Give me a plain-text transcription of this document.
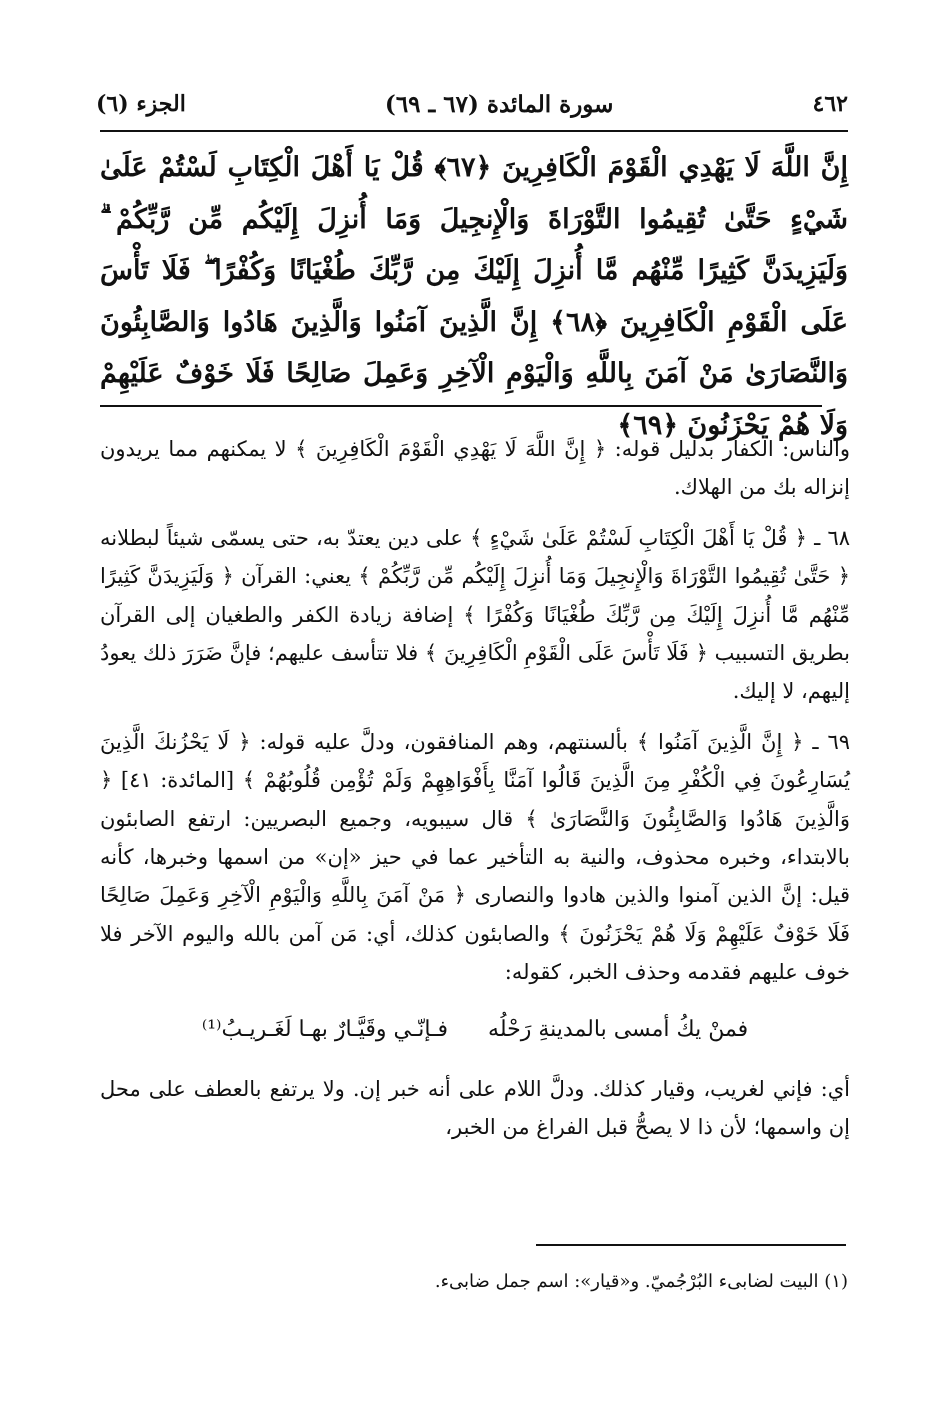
٤٦٢
سورة المائدة (٦٧ ـ ٦٩)
الجزء (٦)
إِنَّ اللَّهَ لَا يَهْدِي الْقَوْمَ الْكَافِرِينَ ﴿٦٧﴾ قُلْ يَا أَهْلَ الْكِتَابِ لَسْتُمْ عَلَىٰ شَيْءٍ حَتَّىٰ تُقِيمُوا التَّوْرَاةَ وَالْإِنجِيلَ وَمَا أُنزِلَ إِلَيْكُم مِّن رَّبِّكُمْ ۗ وَلَيَزِيدَنَّ كَثِيرًا مِّنْهُم مَّا أُنزِلَ إِلَيْكَ مِن رَّبِّكَ طُغْيَانًا وَكُفْرًا ۖ فَلَا تَأْسَ عَلَى الْقَوْمِ الْكَافِرِينَ ﴿٦٨﴾ إِنَّ الَّذِينَ آمَنُوا وَالَّذِينَ هَادُوا وَالصَّابِئُونَ وَالنَّصَارَىٰ مَنْ آمَنَ بِاللَّهِ وَالْيَوْمِ الْآخِرِ وَعَمِلَ صَالِحًا فَلَا خَوْفٌ عَلَيْهِمْ وَلَا هُمْ يَحْزَنُونَ ﴿٦٩﴾

والناس: الكفار بدليل قوله: ﴿ إِنَّ اللَّهَ لَا يَهْدِي الْقَوْمَ الْكَافِرِينَ ﴾ لا يمكنهم مما يريدون إنزاله بك من الهلاك.

٦٨ ـ ﴿ قُلْ يَا أَهْلَ الْكِتَابِ لَسْتُمْ عَلَىٰ شَيْءٍ ﴾ على دين يعتدّ به، حتى يسمّى شيئاً لبطلانه ﴿ حَتَّىٰ تُقِيمُوا التَّوْرَاةَ وَالْإِنجِيلَ وَمَا أُنزِلَ إِلَيْكُم مِّن رَّبِّكُمْ ﴾ يعني: القرآن ﴿ وَلَيَزِيدَنَّ كَثِيرًا مِّنْهُم مَّا أُنزِلَ إِلَيْكَ مِن رَّبِّكَ طُغْيَانًا وَكُفْرًا ﴾ إضافة زيادة الكفر والطغيان إلى القرآن بطريق التسبيب ﴿ فَلَا تَأْسَ عَلَى الْقَوْمِ الْكَافِرِينَ ﴾ فلا تتأسف عليهم؛ فإنَّ ضَرَرَ ذلك يعودُ إليهم، لا إليك.

٦٩ ـ ﴿ إِنَّ الَّذِينَ آمَنُوا ﴾ بألسنتهم، وهم المنافقون، ودلَّ عليه قوله: ﴿ لَا يَحْزُنكَ الَّذِينَ يُسَارِعُونَ فِي الْكُفْرِ مِنَ الَّذِينَ قَالُوا آمَنَّا بِأَفْوَاهِهِمْ وَلَمْ تُؤْمِن قُلُوبُهُمْ ﴾ [المائدة: ٤١] ﴿ وَالَّذِينَ هَادُوا وَالصَّابِئُونَ وَالنَّصَارَىٰ ﴾ قال سيبويه، وجميع البصريين: ارتفع الصابئون بالابتداء، وخبره محذوف، والنية به التأخير عما في حيز «إن» من اسمها وخبرها، كأنه قيل: إنَّ الذين آمنوا والذين هادوا والنصارى ﴿ مَنْ آمَنَ بِاللَّهِ وَالْيَوْمِ الْآخِرِ وَعَمِلَ صَالِحًا فَلَا خَوْفٌ عَلَيْهِمْ وَلَا هُمْ يَحْزَنُونَ ﴾ والصابئون كذلك، أي: مَن آمن بالله واليوم الآخر فلا خوف عليهم فقدمه وحذف الخبر، كقوله:

فمنْ يكُ أمسى بالمدينةِ رَحْلُه
فـإنّـي وقَيَّـارٌ بهـا لَغَـريـبُ⁽¹⁾

أي: فإني لغريب، وقيار كذلك. ودلَّ اللام على أنه خبر إن. ولا يرتفع بالعطف على محل إن واسمها؛ لأن ذا لا يصحُّ قبل الفراغ من الخبر،

(١) البيت لضابىء البُرْجُميّ. و«قيار»: اسم جمل ضابىء.
